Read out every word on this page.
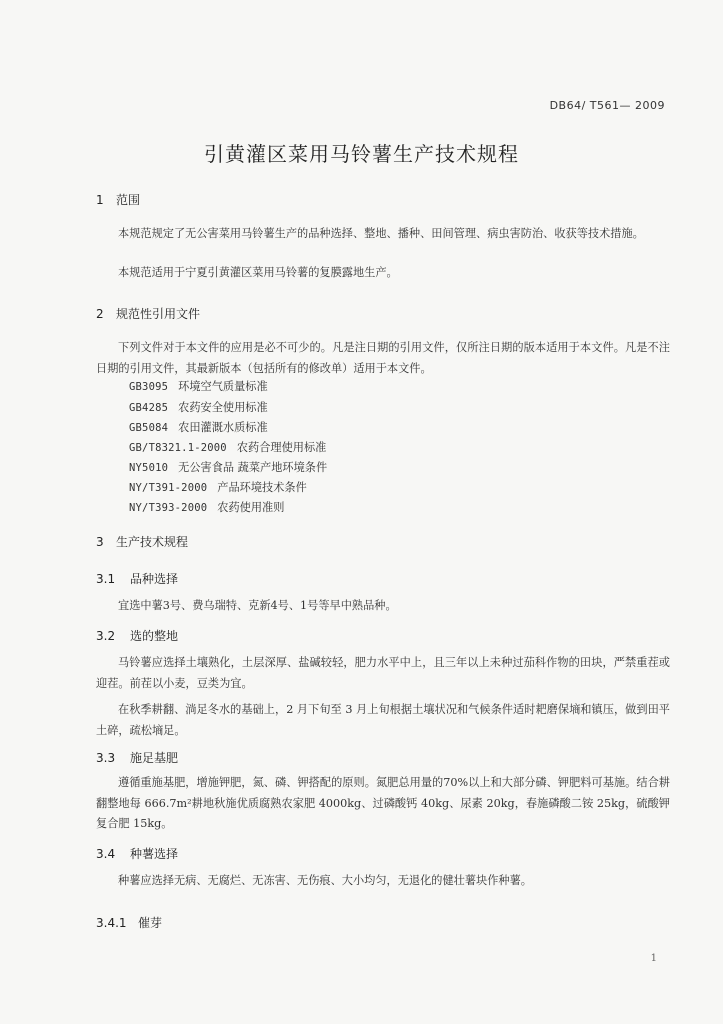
DB64/ T561— 2009
引黄灌区菜用马铃薯生产技术规程
1 范围
本规范规定了无公害菜用马铃薯生产的品种选择、整地、播种、田间管理、病虫害防治、收获等技术措施。
本规范适用于宁夏引黄灌区菜用马铃薯的复膜露地生产。
2 规范性引用文件
下列文件对于本文件的应用是必不可少的。凡是注日期的引用文件，仅所注日期的版本适用于本文件。凡是不注日期的引用文件，其最新版本（包括所有的修改单）适用于本文件。
GB3095 环境空气质量标准
GB4285 农药安全使用标准
GB5084 农田灌溉水质标准
GB/T8321.1-2000 农药合理使用标准
NY5010 无公害食品 蔬菜产地环境条件
NY/T391-2000 产品环境技术条件
NY/T393-2000 农药使用准则
3 生产技术规程
3.1 品种选择
宜选中薯3号、费乌瑞特、克新4号、1号等早中熟品种。
3.2 选的整地
马铃薯应选择土壤熟化，土层深厚、盐碱较轻，肥力水平中上，且三年以上未种过茄科作物的田块，严禁重茬或迎茬。前茬以小麦，豆类为宜。
在秋季耕翻、淌足冬水的基础上，2 月下旬至 3 月上旬根据土壤状况和气候条件适时耙磨保墒和镇压，做到田平土碎，疏松墒足。
3.3 施足基肥
遵循重施基肥，增施钾肥，氮、磷、钾搭配的原则。氮肥总用量的70%以上和大部分磷、钾肥料可基施。结合耕翻整地每 666.7m²耕地秋施优质腐熟农家肥 4000kg、过磷酸钙 40kg、尿素 20kg，春施磷酸二铵 25kg，硫酸钾复合肥 15kg。
3.4 种薯选择
种薯应选择无病、无腐烂、无冻害、无伤痕、大小均匀，无退化的健壮薯块作种薯。
3.4.1 催芽
1
